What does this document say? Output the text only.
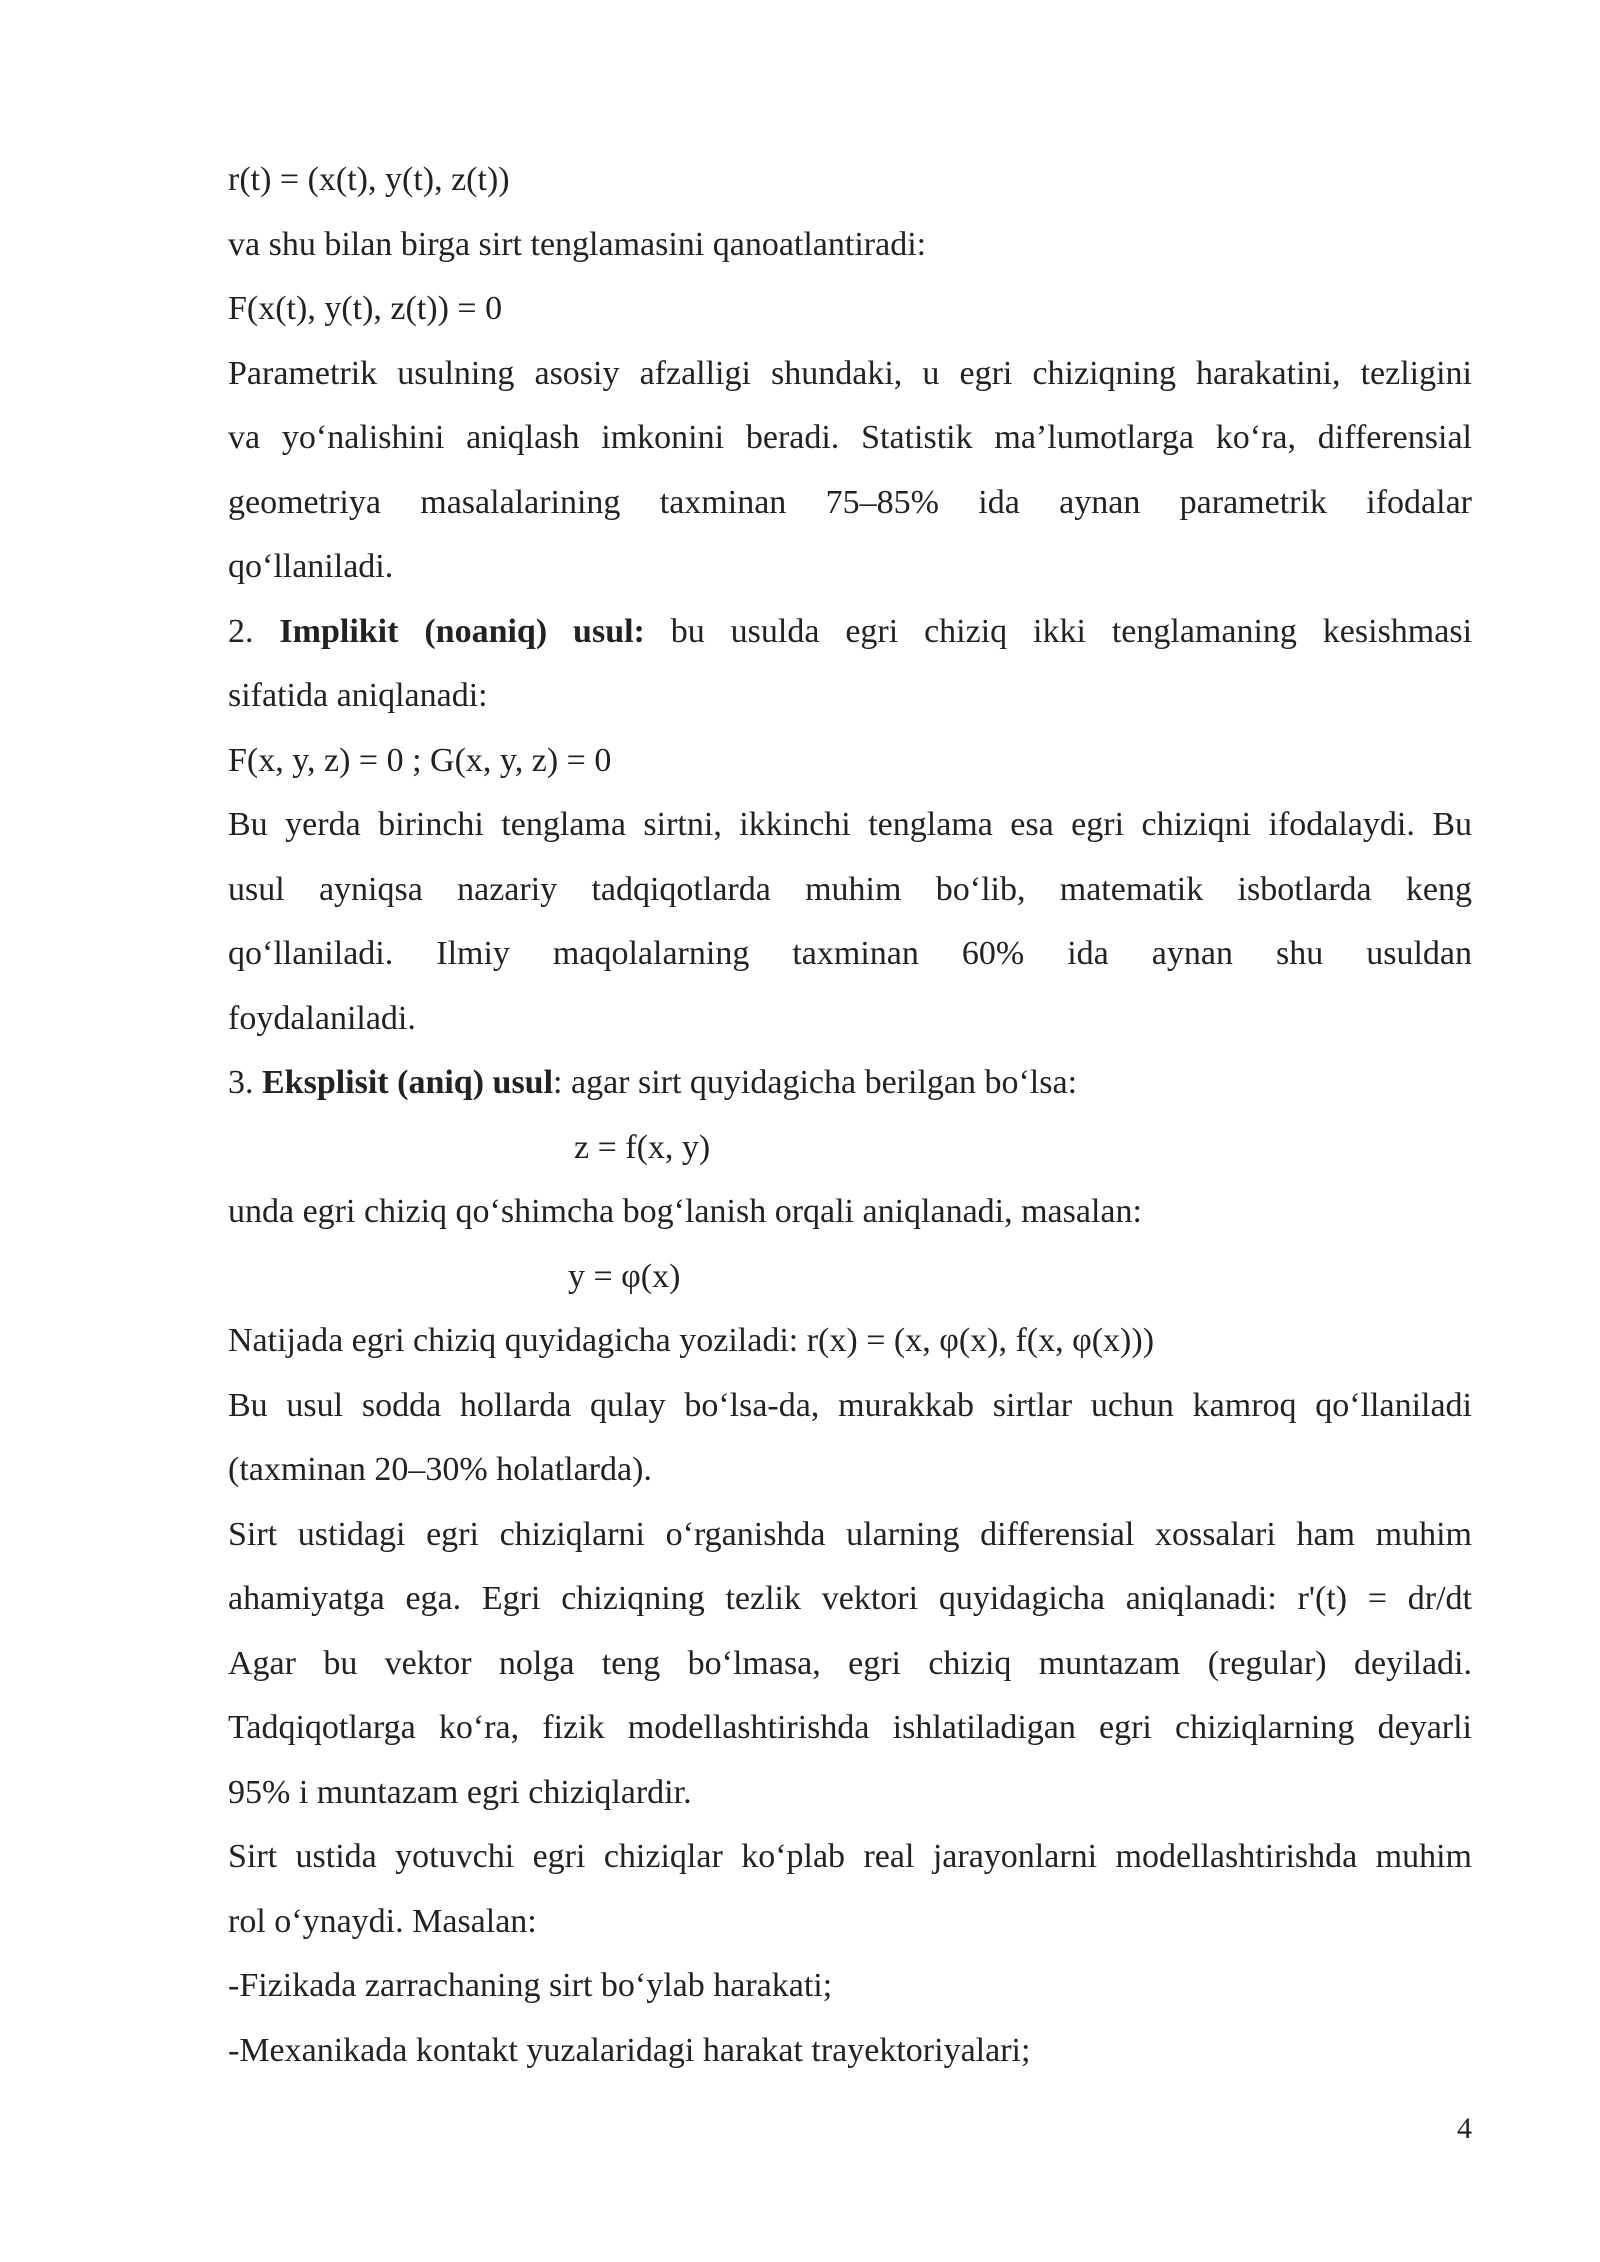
r(t) = (x(t), y(t), z(t))
va shu bilan birga sirt tenglamasini qanoatlantiradi:
F(x(t), y(t), z(t)) = 0
Parametrik usulning asosiy afzalligi shundaki, u egri chiziqning harakatini, tezligini
va yo‘nalishini aniqlash imkonini beradi. Statistik ma’lumotlarga ko‘ra, differensial
geometriya masalalarining taxminan 75–85% ida aynan parametrik ifodalar
qo‘llaniladi.
2. Implikit (noaniq) usul: bu usulda egri chiziq ikki tenglamaning kesishmasi
sifatida aniqlanadi:
F(x, y, z) = 0 ; G(x, y, z) = 0
Bu yerda birinchi tenglama sirtni, ikkinchi tenglama esa egri chiziqni ifodalaydi. Bu
usul ayniqsa nazariy tadqiqotlarda muhim bo‘lib, matematik isbotlarda keng
qo‘llaniladi. Ilmiy maqolalarning taxminan 60% ida aynan shu usuldan
foydalaniladi.
3. Eksplisit (aniq) usul: agar sirt quyidagicha berilgan bo‘lsa:
z = f(x, y)
unda egri chiziq qo‘shimcha bog‘lanish orqali aniqlanadi, masalan:
y = φ(x)
Natijada egri chiziq quyidagicha yoziladi: r(x) = (x, φ(x), f(x, φ(x)))
Bu usul sodda hollarda qulay bo‘lsa-da, murakkab sirtlar uchun kamroq qo‘llaniladi
(taxminan 20–30% holatlarda).
Sirt ustidagi egri chiziqlarni o‘rganishda ularning differensial xossalari ham muhim
ahamiyatga ega. Egri chiziqning tezlik vektori quyidagicha aniqlanadi: r'(t) = dr/dt
Agar bu vektor nolga teng bo‘lmasa, egri chiziq muntazam (regular) deyiladi.
Tadqiqotlarga ko‘ra, fizik modellashtirishda ishlatiladigan egri chiziqlarning deyarli
95% i muntazam egri chiziqlardir.
Sirt ustida yotuvchi egri chiziqlar ko‘plab real jarayonlarni modellashtirishda muhim
rol o‘ynaydi. Masalan:
-Fizikada zarrachaning sirt bo‘ylab harakati;
-Mexanikada kontakt yuzalaridagi harakat trayektoriyalari;
4
